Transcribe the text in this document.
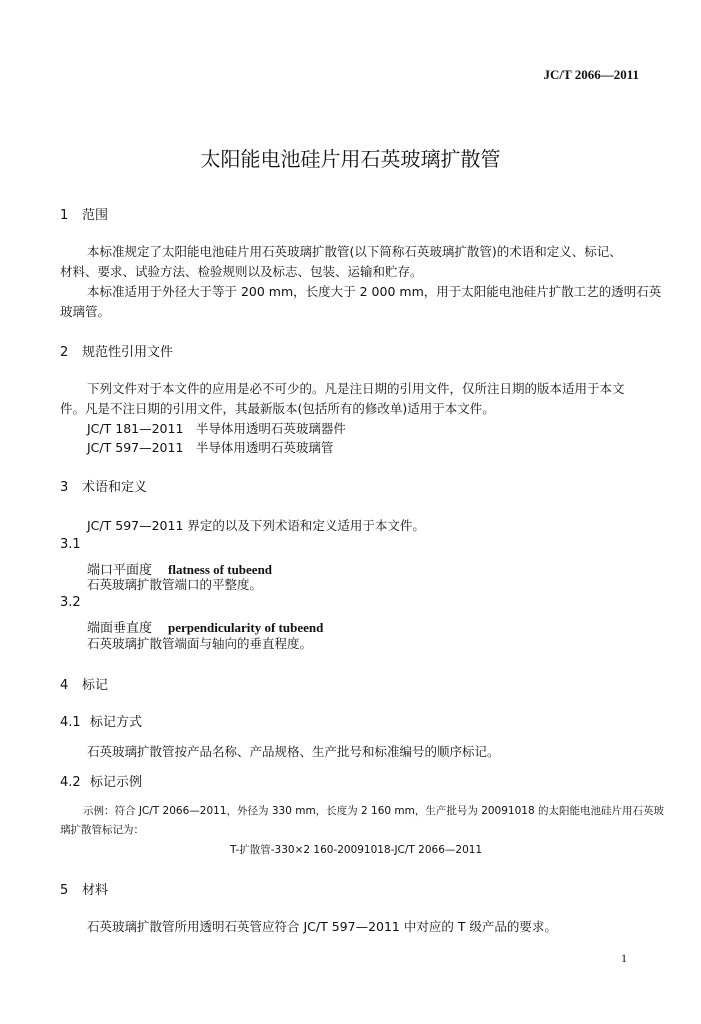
JC/T 2066—2011
太阳能电池硅片用石英玻璃扩散管
1 范围
本标准规定了太阳能电池硅片用石英玻璃扩散管(以下简称石英玻璃扩散管)的术语和定义、标记、
材料、要求、试验方法、检验规则以及标志、包装、运输和贮存。
本标准适用于外径大于等于 200 mm，长度大于 2 000 mm，用于太阳能电池硅片扩散工艺的透明石英
玻璃管。
2 规范性引用文件
下列文件对于本文件的应用是必不可少的。凡是注日期的引用文件，仅所注日期的版本适用于本文
件。凡是不注日期的引用文件，其最新版本(包括所有的修改单)适用于本文件。
JC/T 181—2011　 半导体用透明石英玻璃器件
JC/T 597—2011　 半导体用透明石英玻璃管
3 术语和定义
JC/T 597—2011 界定的以及下列术语和定义适用于本文件。
3.1
端口平面度　 flatness of tubeend
石英玻璃扩散管端口的平整度。
3.2
端面垂直度　 perpendicularity of tubeend
石英玻璃扩散管端面与轴向的垂直程度。
4 标记
4.1 标记方式
石英玻璃扩散管按产品名称、产品规格、生产批号和标准编号的顺序标记。
4.2 标记示例
示例：符合 JC/T 2066—2011，外径为 330 mm，长度为 2 160 mm，生产批号为 20091018 的太阳能电池硅片用石英玻
璃扩散管标记为：
T-扩散管-330×2 160-20091018-JC/T 2066—2011
5 材料
石英玻璃扩散管所用透明石英管应符合 JC/T 597—2011 中对应的 T 级产品的要求。
1
